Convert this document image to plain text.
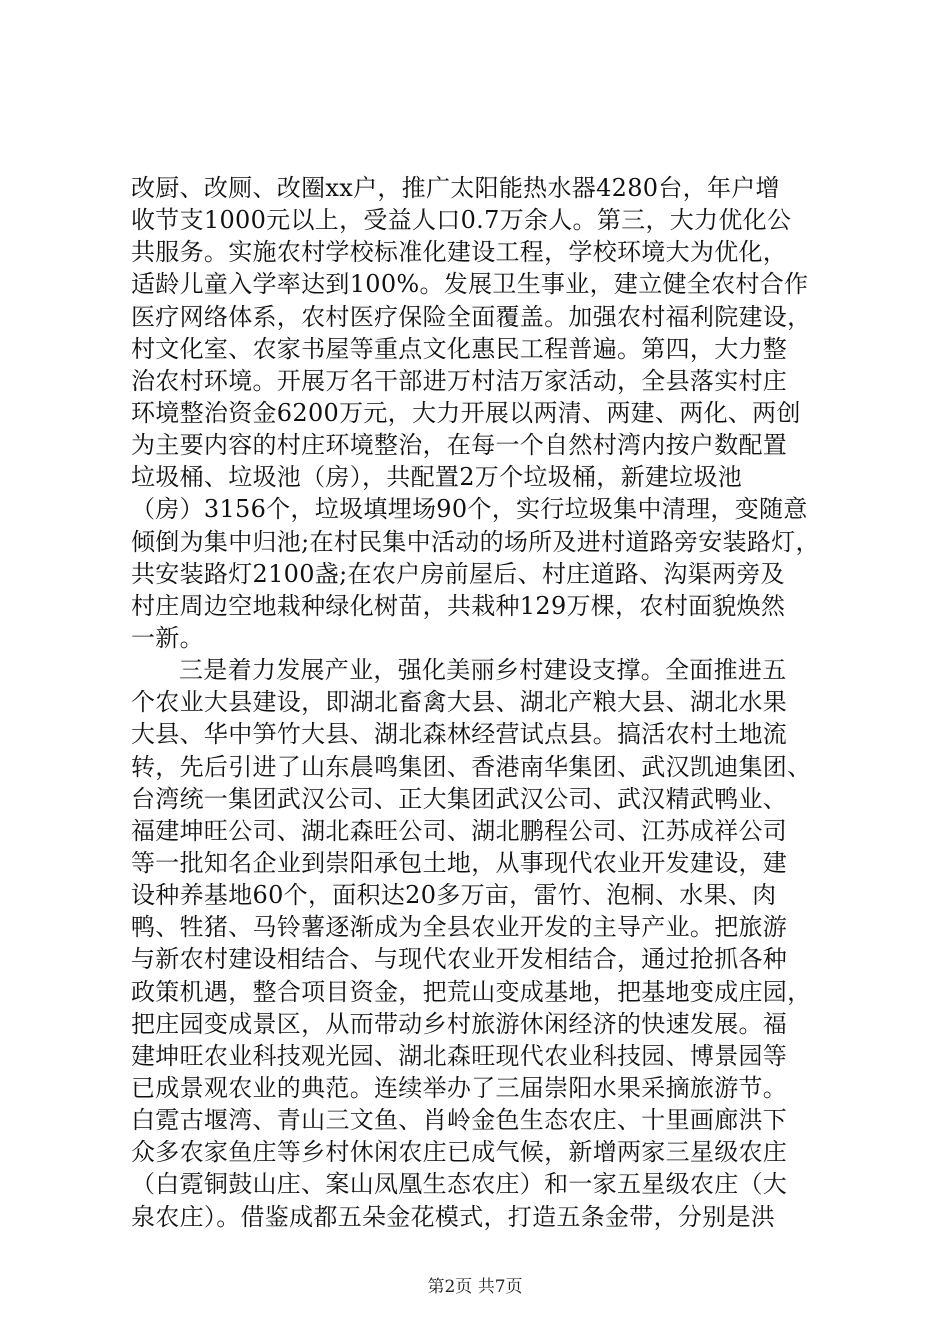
改厨、改厕、改圈xx户，推广太阳能热水器4280台，年户增
收节支1000元以上，受益人口0.7万余人。第三，大力优化公
共服务。实施农村学校标准化建设工程，学校环境大为优化，
适龄儿童入学率达到100%。发展卫生事业，建立健全农村合作
医疗网络体系，农村医疗保险全面覆盖。加强农村福利院建设，
村文化室、农家书屋等重点文化惠民工程普遍。第四，大力整
治农村环境。开展万名干部进万村洁万家活动，全县落实村庄
环境整治资金6200万元，大力开展以两清、两建、两化、两创
为主要内容的村庄环境整治，在每一个自然村湾内按户数配置
垃圾桶、垃圾池（房），共配置2万个垃圾桶，新建垃圾池
（房）3156个，垃圾填埋场90个，实行垃圾集中清理，变随意
倾倒为集中归池;在村民集中活动的场所及进村道路旁安装路灯，
共安装路灯2100盏;在农户房前屋后、村庄道路、沟渠两旁及
村庄周边空地栽种绿化树苗，共栽种129万棵，农村面貌焕然
一新。
三是着力发展产业，强化美丽乡村建设支撑。全面推进五
个农业大县建设，即湖北畜禽大县、湖北产粮大县、湖北水果
大县、华中笋竹大县、湖北森林经营试点县。搞活农村土地流
转，先后引进了山东晨鸣集团、香港南华集团、武汉凯迪集团、
台湾统一集团武汉公司、正大集团武汉公司、武汉精武鸭业、
福建坤旺公司、湖北森旺公司、湖北鹏程公司、江苏成祥公司
等一批知名企业到崇阳承包土地，从事现代农业开发建设，建
设种养基地60个，面积达20多万亩，雷竹、泡桐、水果、肉
鸭、牲猪、马铃薯逐渐成为全县农业开发的主导产业。把旅游
与新农村建设相结合、与现代农业开发相结合，通过抢抓各种
政策机遇，整合项目资金，把荒山变成基地，把基地变成庄园，
把庄园变成景区，从而带动乡村旅游休闲经济的快速发展。福
建坤旺农业科技观光园、湖北森旺现代农业科技园、博景园等
已成景观农业的典范。连续举办了三届崇阳水果采摘旅游节。
白霓古堰湾、青山三文鱼、肖岭金色生态农庄、十里画廊洪下
众多农家鱼庄等乡村休闲农庄已成气候，新增两家三星级农庄
（白霓铜鼓山庄、案山凤凰生态农庄）和一家五星级农庄（大
泉农庄）。借鉴成都五朵金花模式，打造五条金带，分别是洪
第2页 共7页
